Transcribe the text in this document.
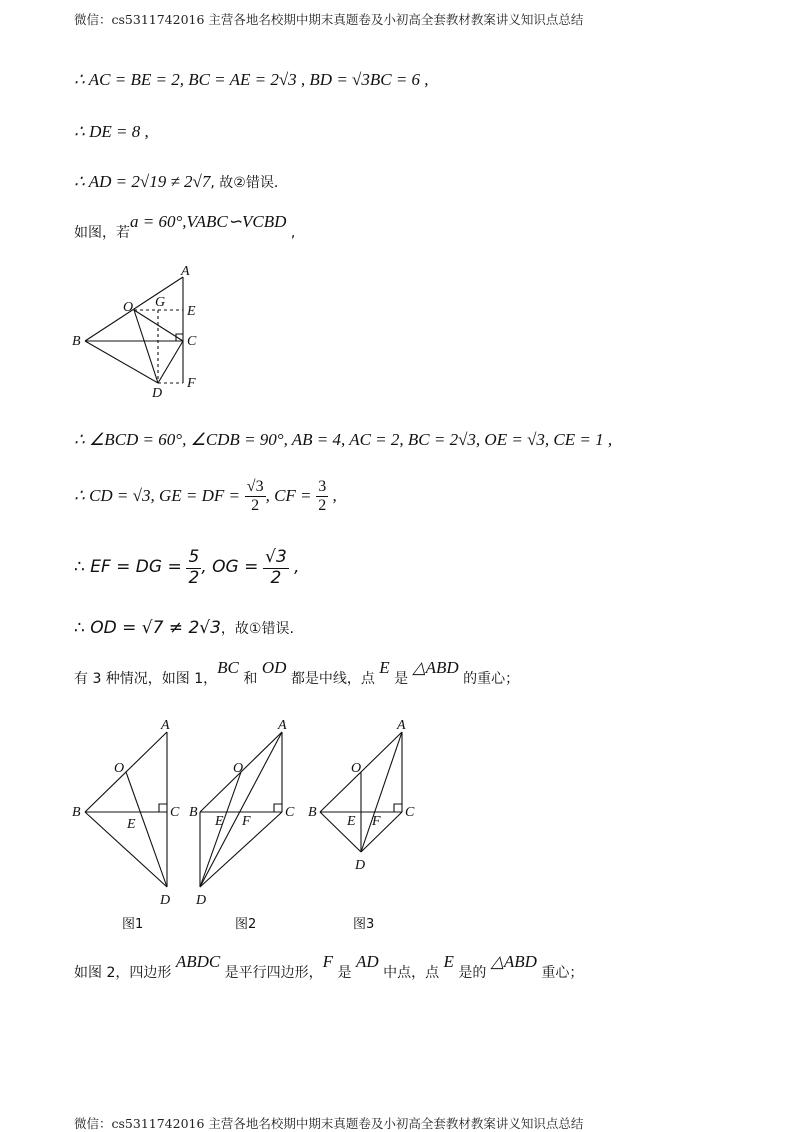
微信：cs5311742016 主营各地名校期中期末真题卷及小初高全套教材教案讲义知识点总结
∴ AC = BE = 2, BC = AE = 2√3 , BD = √3BC = 6 ,
∴ DE = 8 ,
∴ AD = 2√19 ≠ 2√7, 故②错误.
如图，若a = 60°,VABC∽VCBD ,
A
O G
E
B	C
D
F
∴ ∠BCD = 60°, ∠CDB = 90°, AB = 4, AC = 2, BC = 2√3, OE = √3, CE = 1 ,
∴ CD = √3, GE = DF = $\frac{√3}{2}$ , CF = $\frac{3}{2}$ ,
∴ EF = DG = $\frac{5}{2}$ , OG = $\frac{√3}{2}$ ,
∴ OD = √7 ≠ 2√3，故①错误.
有 3 种情况，如图 1，BC 和 OD 都是中线，点 E 是 △ABD 的重心；
A
O
B	C
E
D
图1
A
O
B
E F
C
D
图2
A
O
B
E F
C
D
图3
如图 2，四边形 ABDC 是平行四边形，F 是 AD 中点，点 E 是的 △ABD 重心；
微信：cs5311742016 主营各地名校期中期末真题卷及小初高全套教材教案讲义知识点总结
